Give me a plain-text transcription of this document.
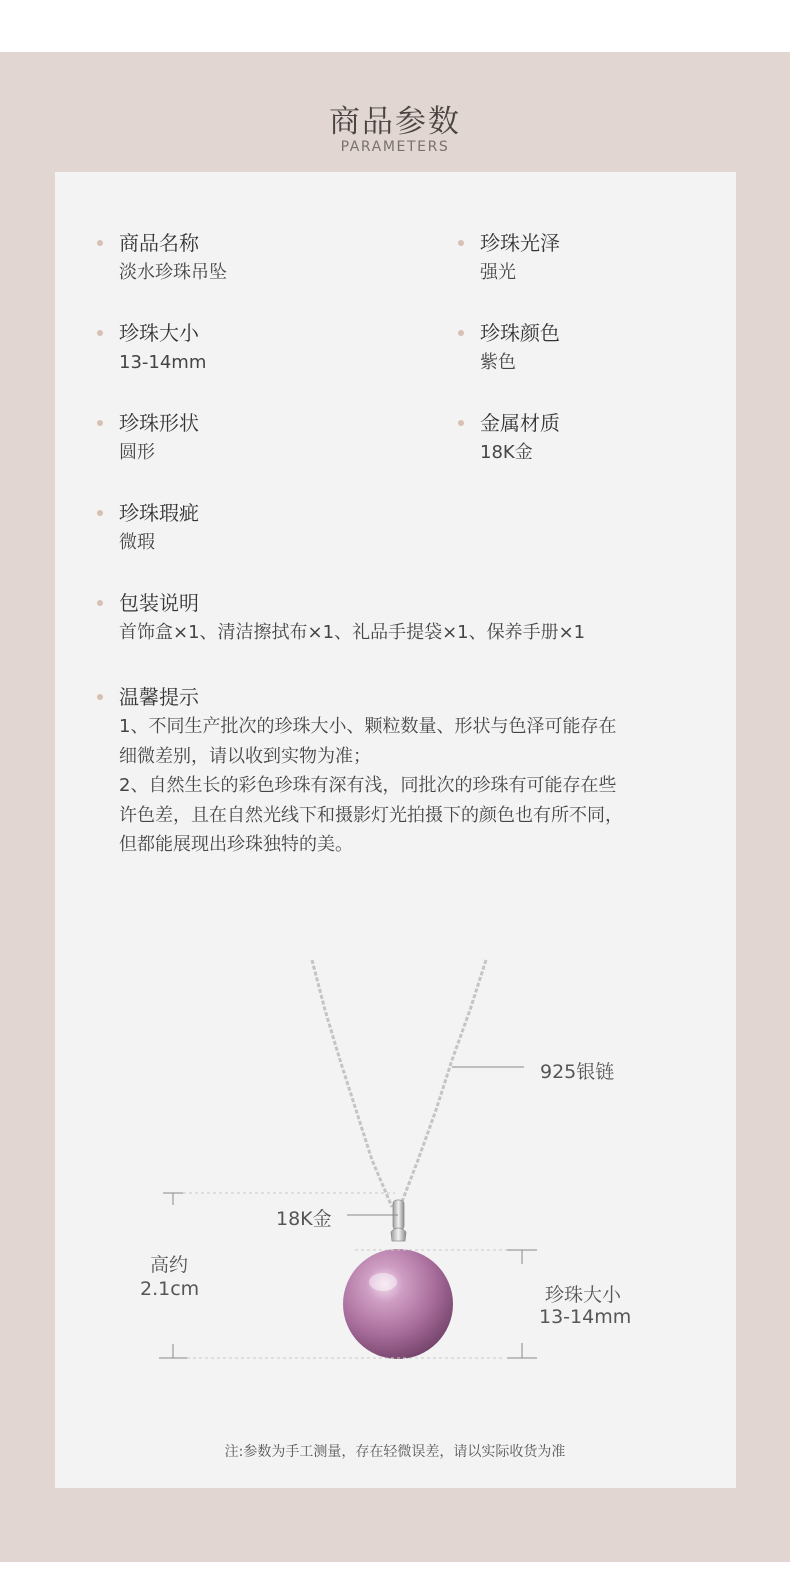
商品参数
PARAMETERS
商品名称
淡水珍珠吊坠
珍珠光泽
强光
珍珠大小
13-14mm
珍珠颜色
紫色
珍珠形状
圆形
金属材质
18K金
珍珠瑕疵
微瑕
包装说明
首饰盒×1、清洁擦拭布×1、礼品手提袋×1、保养手册×1
温馨提示
1、不同生产批次的珍珠大小、颗粒数量、形状与色泽可能存在
细微差别，请以收到实物为准；
2、自然生长的彩色珍珠有深有浅，同批次的珍珠有可能存在些
许色差，且在自然光线下和摄影灯光拍摄下的颜色也有所不同，
但都能展现出珍珠独特的美。
925银链
18K金
高约
2.1cm	珍珠大小
13-14mm
注:参数为手工测量，存在轻微误差，请以实际收货为准
